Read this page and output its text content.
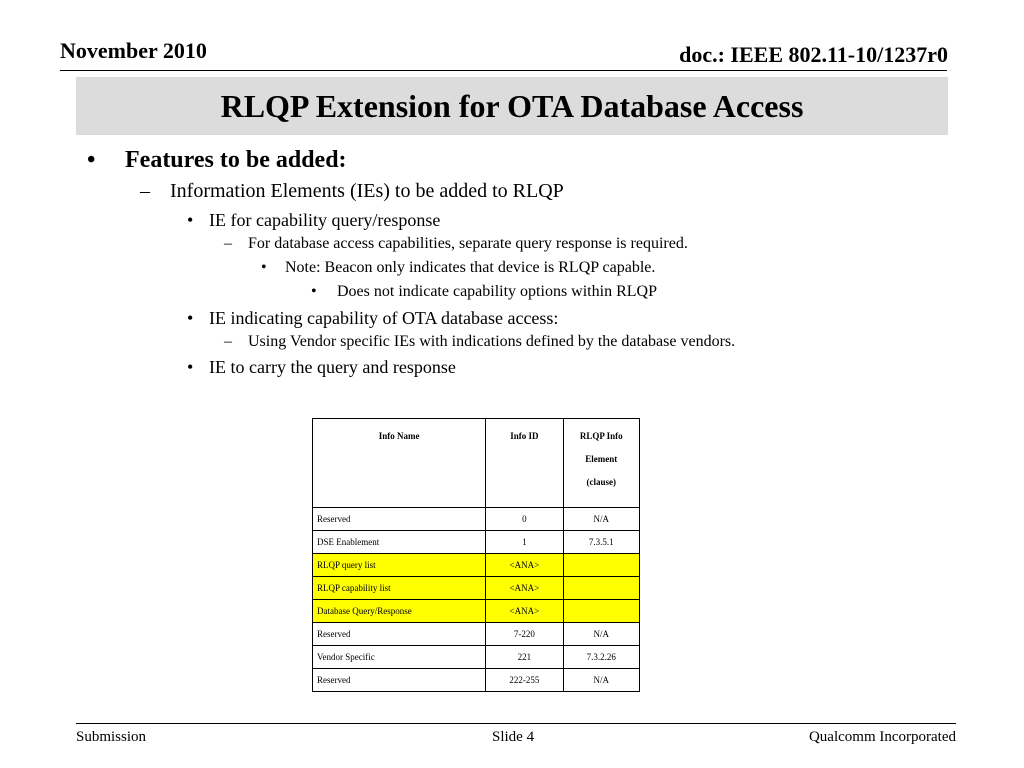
November 2010	doc.: IEEE 802.11-10/1237r0
RLQP Extension for OTA Database Access
• Features to be added:
– Information Elements (IEs) to be added to RLQP
• IE for capability query/response
– For database access capabilities, separate query response is required.
• Note: Beacon only indicates that device is RLQP capable.
• Does not indicate capability options within RLQP
• IE indicating capability of OTA database access:
– Using Vendor specific IEs with indications defined by the database vendors.
• IE to carry the query and response
Info Name	Info ID	RLQP Info
Element
(clause)
Reserved	0	N/A
DSE Enablement	1	7.3.5.1
RLQP query list	<ANA>	
RLQP capability list	<ANA>	
Database Query/Response	<ANA>	
Reserved	7-220	N/A
Vendor Specific	221	7.3.2.26
Reserved	222-255	N/A
Submission	Slide 4	Qualcomm Incorporated
